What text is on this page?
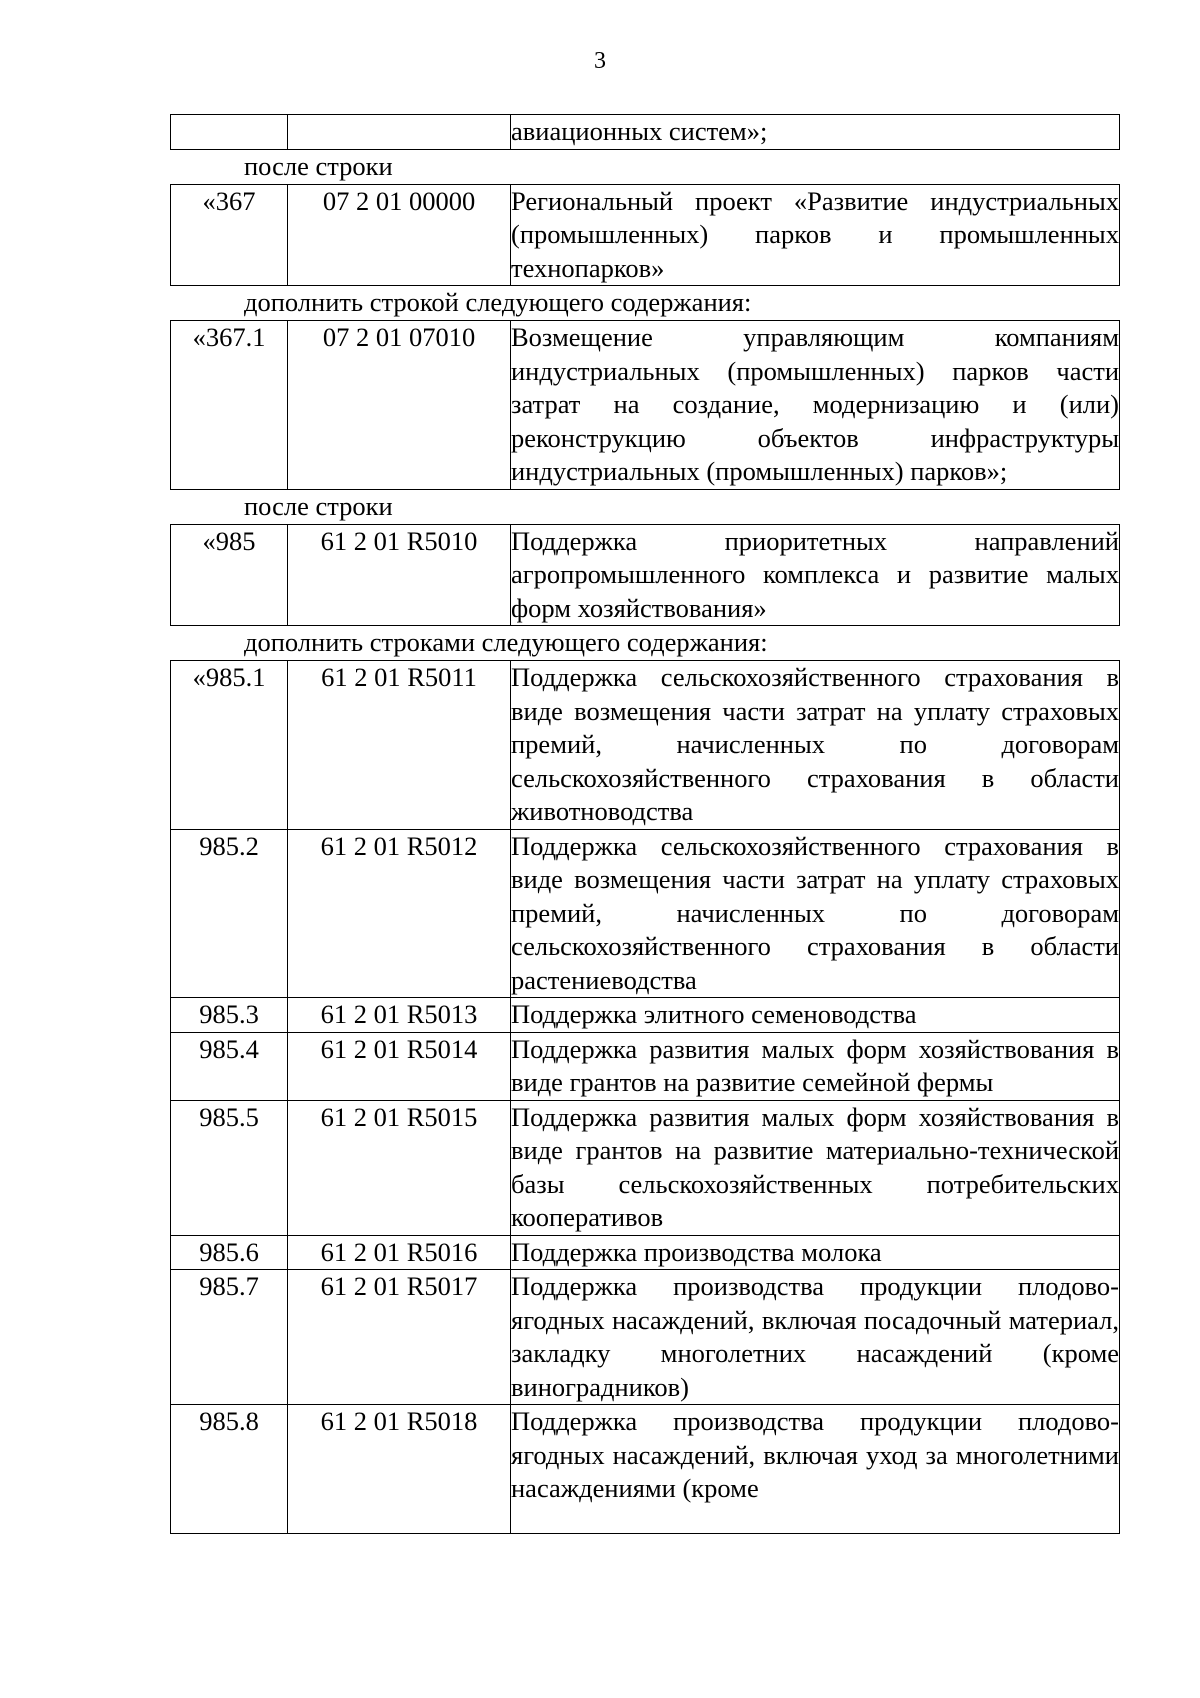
3
		авиационных систем»;
после строки
«367	07 2 01 00000	Региональный проект «Развитие индустриальных (промышленных) парков и промышленных технопарков»
дополнить строкой следующего содержания:
«367.1	07 2 01 07010	Возмещение управляющим компаниям индустриальных (промышленных) парков части затрат на создание, модернизацию и (или) реконструкцию объектов инфраструктуры индустриальных (промышленных) парков»;
после строки
«985	61 2 01 R5010	Поддержка приоритетных направлений агропромышленного комплекса и развитие малых форм хозяйствования»
дополнить строками следующего содержания:
«985.1	61 2 01 R5011	Поддержка сельскохозяйственного страхования в виде возмещения части затрат на уплату страховых премий, начисленных по договорам сельскохозяйственного страхования в области животноводства
985.2	61 2 01 R5012	Поддержка сельскохозяйственного страхования в виде возмещения части затрат на уплату страховых премий, начисленных по договорам сельскохозяйственного страхования в области растениеводства
985.3	61 2 01 R5013	Поддержка элитного семеноводства
985.4	61 2 01 R5014	Поддержка развития малых форм хозяйствования в виде грантов на развитие семейной фермы
985.5	61 2 01 R5015	Поддержка развития малых форм хозяйствования в виде грантов на развитие материально-технической базы сельскохозяйственных потребительских кооперативов
985.6	61 2 01 R5016	Поддержка производства молока
985.7	61 2 01 R5017	Поддержка производства продукции плодово-ягодных насаждений, включая посадочный материал, закладку многолетних насаждений (кроме виноградников)
985.8	61 2 01 R5018	Поддержка производства продукции плодово-ягодных насаждений, включая уход за многолетними насаждениями (кроме
